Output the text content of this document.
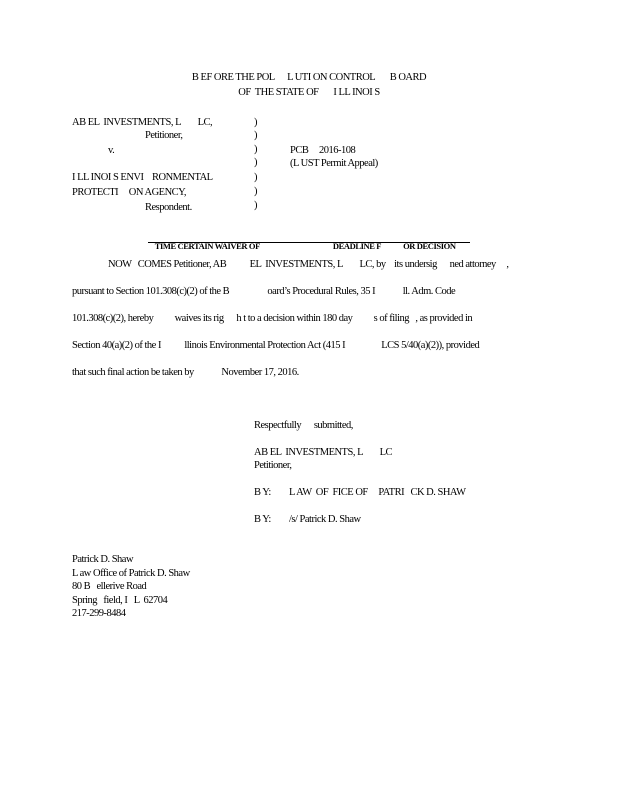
B EF ORE THE POL      L UTI ON CONTROL       B OARD
OF  THE STATE OF       I LL INOI S
AB EL  INVESTMENTS, L        LC,
Petitioner,
v.
I LL INOI S ENVI    RONMENTAL
PROTECTI     ON AGENCY,
Respondent.
)
)
)
)
)
)
)
PCB     2016-108
(L UST Permit Appeal)

TIME CERTAIN WAIVER OF	DEADLINE F	OR DECISION

NOW   COMES Petitioner, AB           EL  INVESTMENTS, L        LC, by    its undersig      ned attorney     ,
pursuant to Section 101.308(c)(2) of the B                  oard’s Procedural Rules, 35 I             ll. Adm. Code
101.308(c)(2), hereby          waives its rig      h t to a decision within 180 day          s of filing   , as provided in
Section 40(a)(2) of the I           llinois Environmental Protection Act (415 I                 LCS 5/40(a)(2)), provided
that such final action be taken by             November 17, 2016.
Respectfully      submitted,
AB EL  INVESTMENTS, L        LC
Petitioner,
B Y: L AW  OF  FICE OF     PATRI   CK D. SHAW
B Y: /s/ Patrick D. Shaw
Patrick D. Shaw
L aw Office of Patrick D. Shaw
80 B   ellerive Road
Spring   field, I   L  62704
217-299-8484
